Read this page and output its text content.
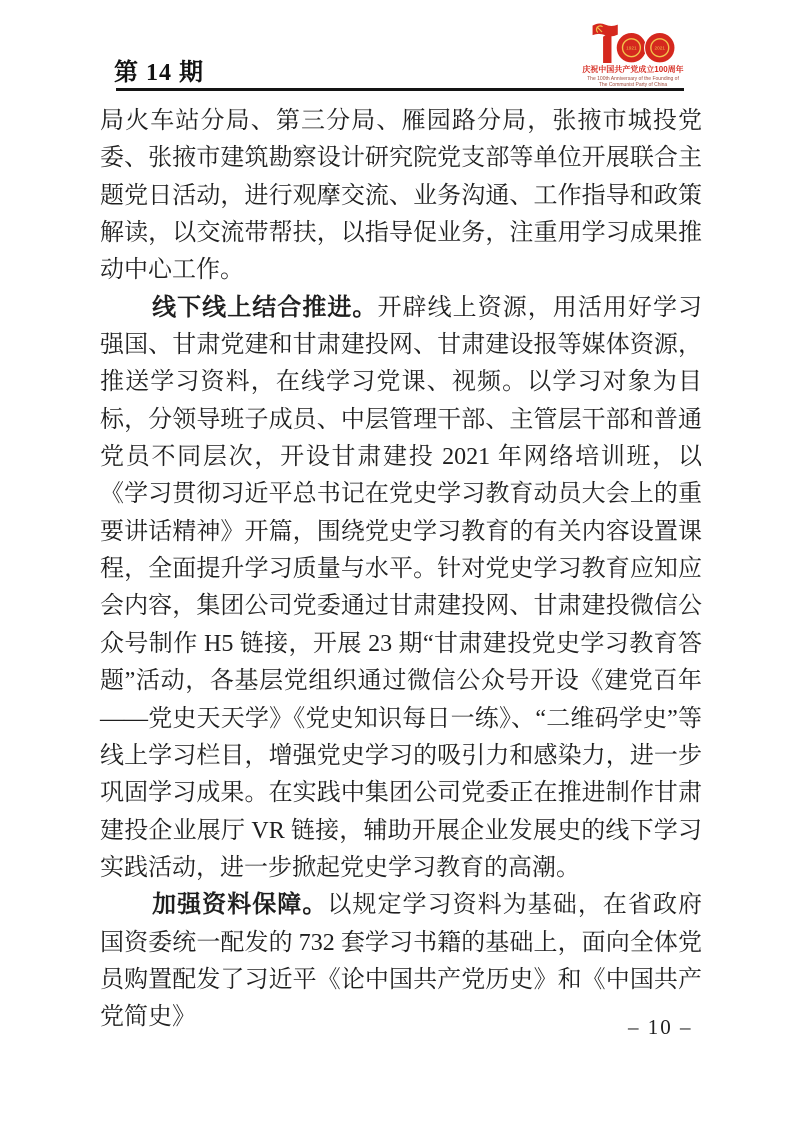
第 14 期
1921 2021
庆祝中国共产党成立100周年
The 100th Anniversary of the Founding of
The Communist Party of China

局火车站分局、第三分局、雁园路分局，张掖市城投党委、张掖市建筑勘察设计研究院党支部等单位开展联合主题党日活动，进行观摩交流、业务沟通、工作指导和政策解读，以交流带帮扶，以指导促业务，注重用学习成果推动中心工作。

线下线上结合推进。开辟线上资源，用活用好学习强国、甘肃党建和甘肃建投网、甘肃建设报等媒体资源，推送学习资料，在线学习党课、视频。以学习对象为目标，分领导班子成员、中层管理干部、主管层干部和普通党员不同层次，开设甘肃建投 2021 年网络培训班，以《学习贯彻习近平总书记在党史学习教育动员大会上的重要讲话精神》开篇，围绕党史学习教育的有关内容设置课程，全面提升学习质量与水平。针对党史学习教育应知应会内容，集团公司党委通过甘肃建投网、甘肃建投微信公众号制作 H5 链接，开展 23 期“甘肃建投党史学习教育答题”活动，各基层党组织通过微信公众号开设《建党百年——党史天天学》《党史知识每日一练》、“二维码学史”等线上学习栏目，增强党史学习的吸引力和感染力，进一步巩固学习成果。在实践中集团公司党委正在推进制作甘肃建投企业展厅 VR 链接，辅助开展企业发展史的线下学习实践活动，进一步掀起党史学习教育的高潮。

加强资料保障。以规定学习资料为基础，在省政府国资委统一配发的 732 套学习书籍的基础上，面向全体党员购置配发了习近平《论中国共产党历史》和《中国共产党简史》	– 10 –
